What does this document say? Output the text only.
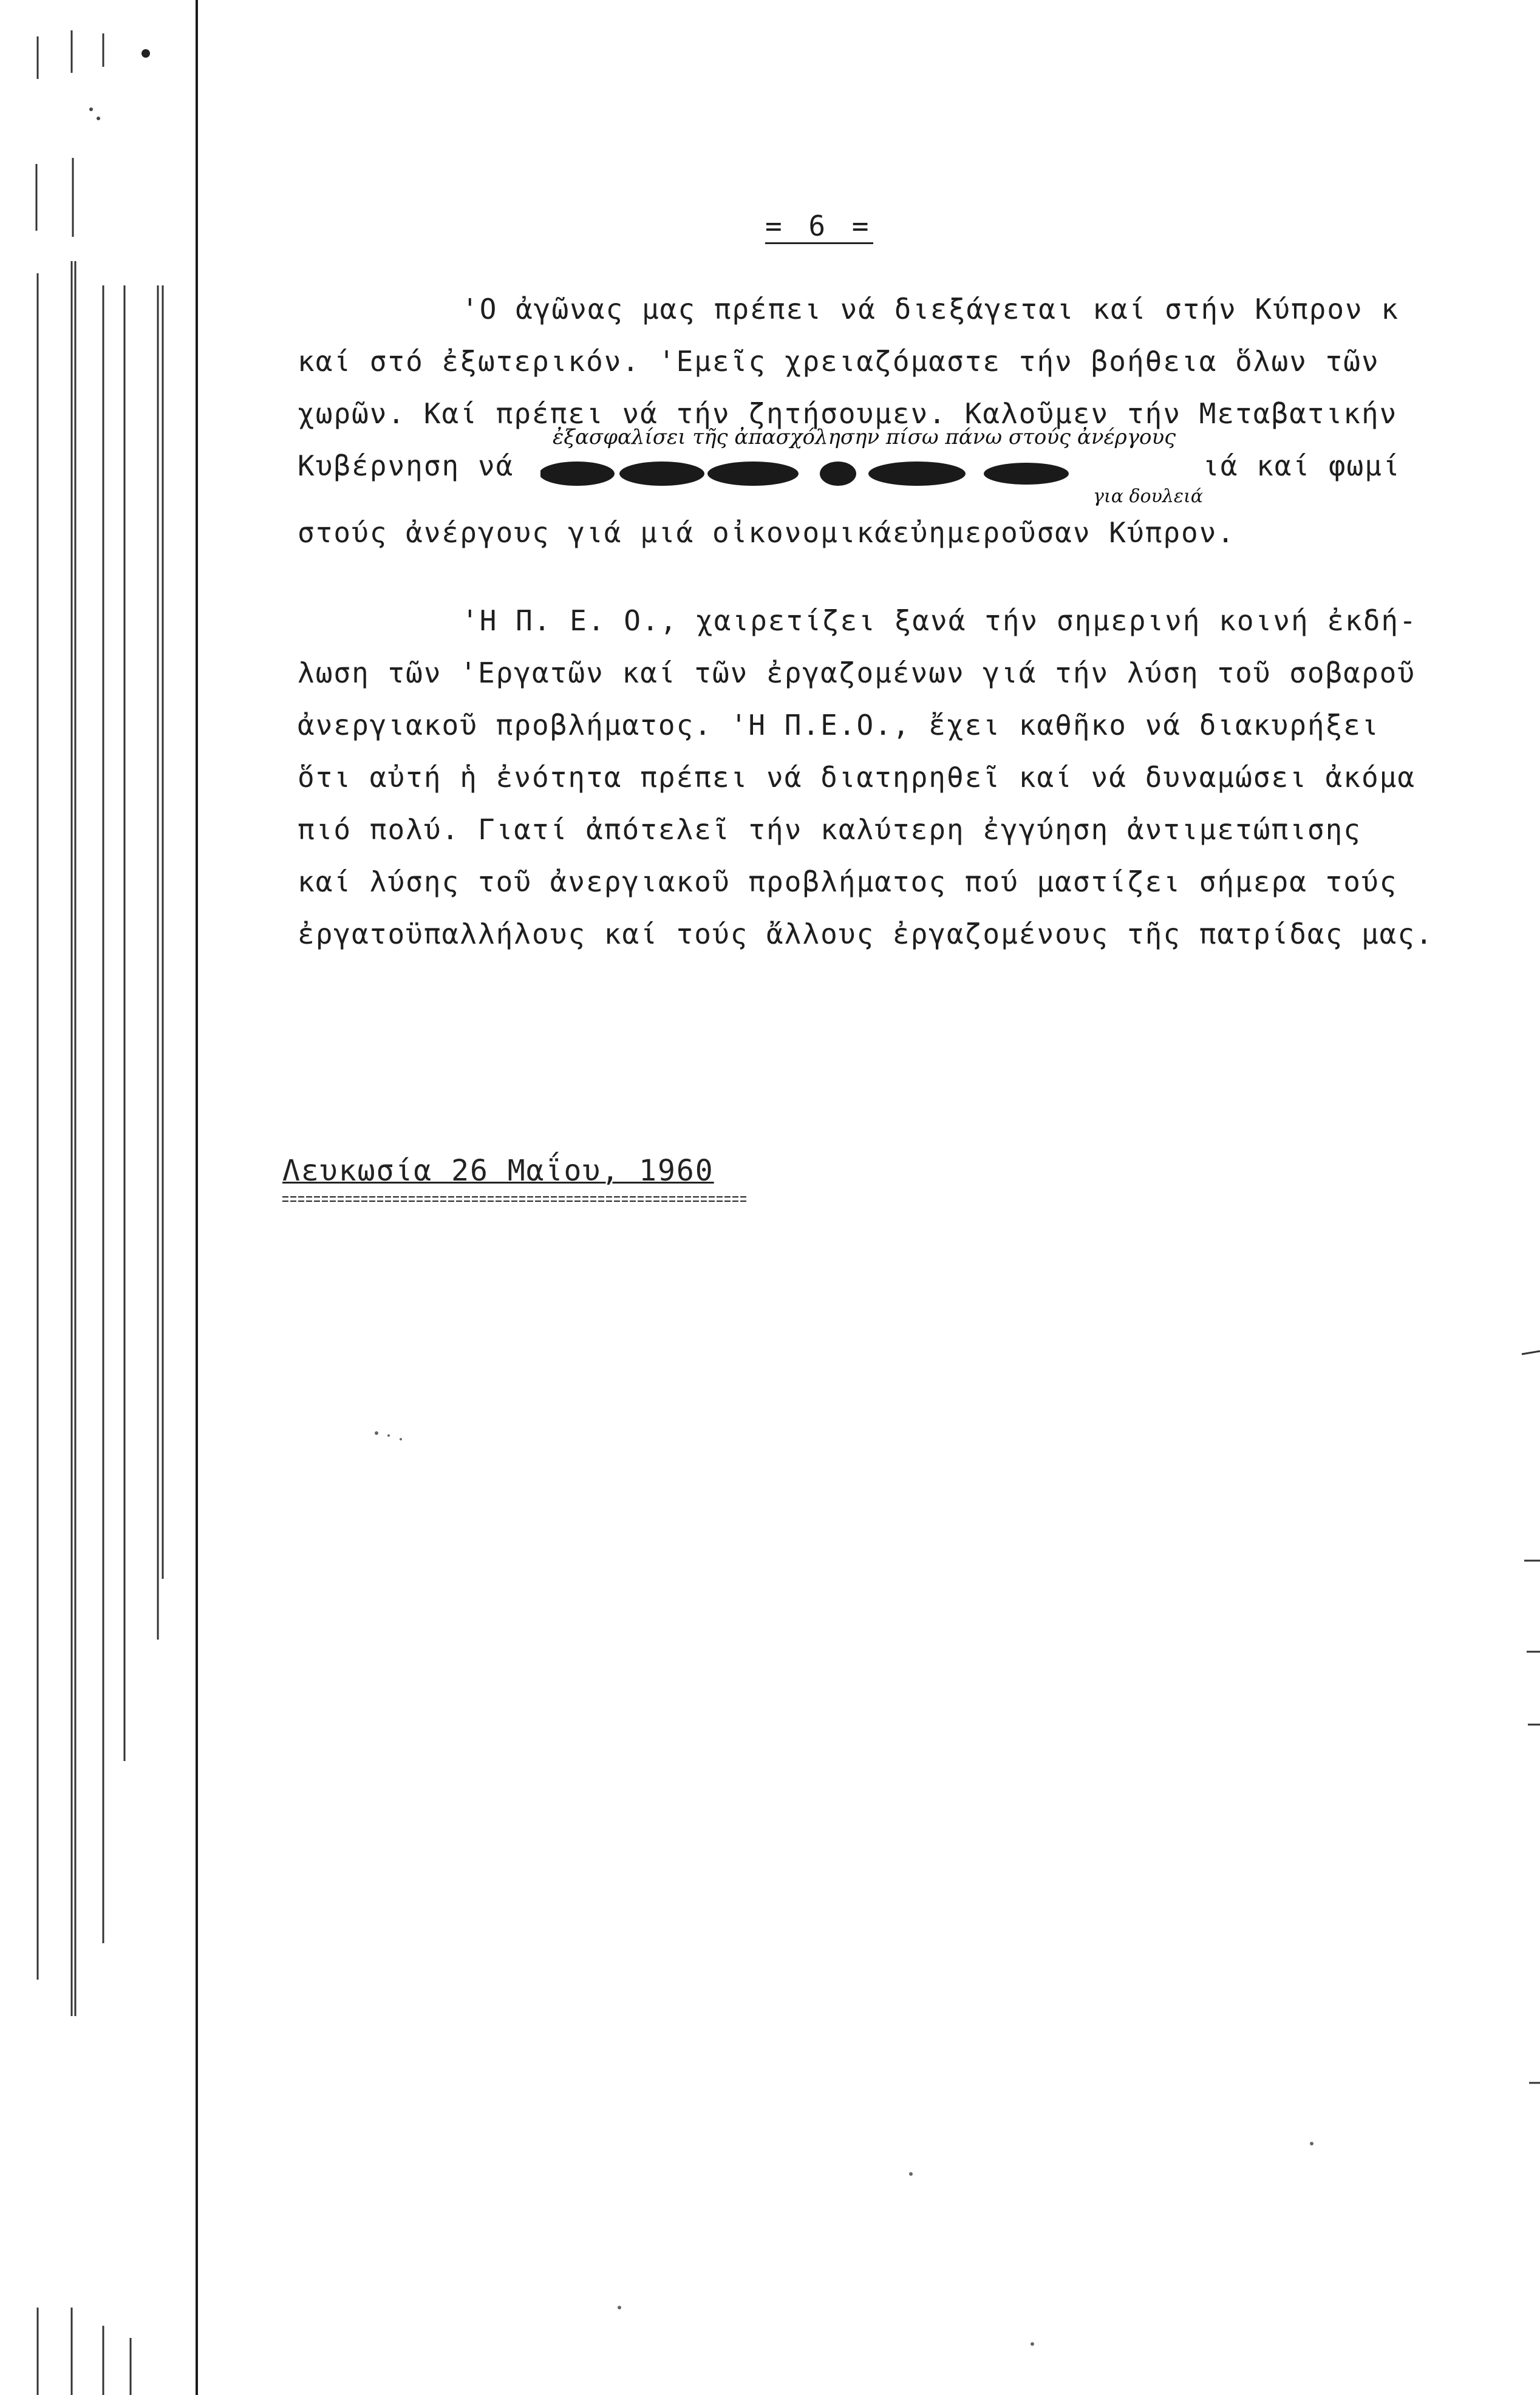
= 6 =
'Ο ἀγῶνας μας πρέπει νά διεξάγεται καί στήν Κύπρον κ
καί στό ἐξωτερικόν. 'Εμεῖς χρειαζόμαστε τήν βοήθεια ὅλων τῶν
χωρῶν. Καί πρέπει νά τήν ζητήσουμεν. Καλοῦμεν τήν Μεταβατικήν
ἐξασφαλίσει τῆς ἀπασχόλησην πίσω πάνω στούς ἀνέργους
Κυβέρνηση νά	ιά καί φωμί
για δουλειά
στούς ἀνέργους γιά μιά οἰκονομικάεὐημεροῦσαν Κύπρον.
'Η Π. Ε. Ο., χαιρετίζει ξανά τήν σημερινή κοινή ἐκδή-
λωση τῶν 'Εργατῶν καί τῶν ἐργαζομένων γιά τήν λύση τοῦ σοβαροῦ
ἀνεργιακοῦ προβλήματος. 'Η Π.Ε.Ο., ἔχει καθῆκο νά διακυρήξει
ὅτι αὐτή ἡ ἐνότητα πρέπει νά διατηρηθεῖ καί νά δυναμώσει ἀκόμα
πιό πολύ. Γιατί ἀπότελεῖ τήν καλύτερη ἐγγύηση ἀντιμετώπισης
καί λύσης τοῦ ἀνεργιακοῦ προβλήματος πού μαστίζει σήμερα τούς
ἐργατοϋπαλλήλους καί τούς ἄλλους ἐργαζομένους τῆς πατρίδας μας.
Λευκωσία 26 Μαΐου, 1960
